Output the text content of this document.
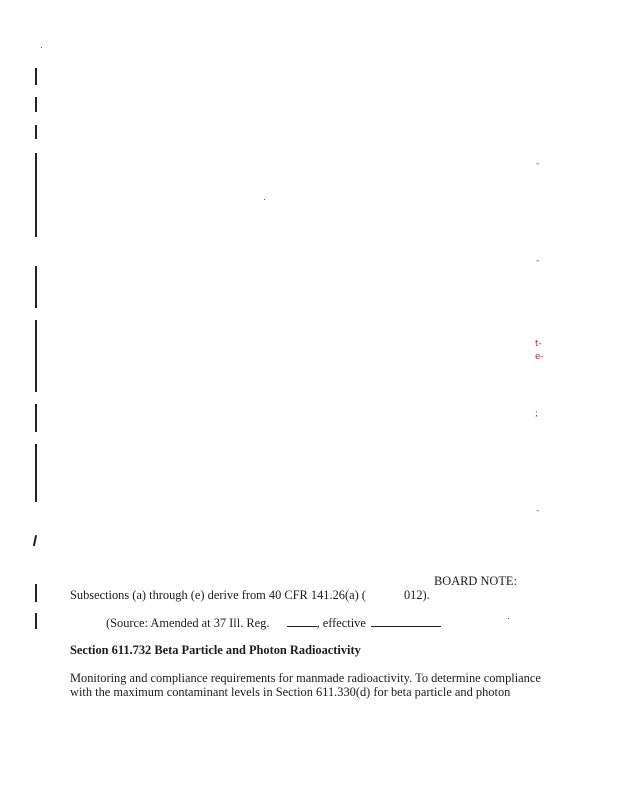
-
-
t-
e-
;
-
BOARD NOTE:
Subsections (a) through (e) derive from 40 CFR 141.26(a) (	012).
(Source: Amended at 37 Ill. Reg.	, effective
Section 611.732 Beta Particle and Photon Radioactivity
Monitoring and compliance requirements for manmade radioactivity. To determine compliance
with the maximum contaminant levels in Section 611.330(d) for beta particle and photon
